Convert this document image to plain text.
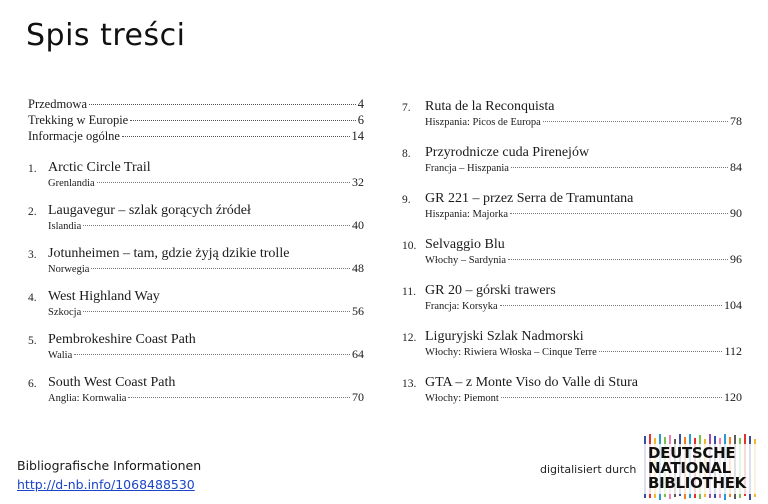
Spis treści
Przedmowa	4
Trekking w Europie	6
Informacje ogólne	14
1. Arctic Circle Trail
Grenlandia	32
2. Laugavegur – szlak gorących źródeł
Islandia	40
3. Jotunheimen – tam, gdzie żyją dzikie trolle
Norwegia	48
4. West Highland Way
Szkocja	56
5. Pembrokeshire Coast Path
Walia	64
6. South West Coast Path
Anglia: Kornwalia	70
7.	Ruta de la Reconquista
Hiszpania: Picos de Europa	78
8.	Przyrodnicze cuda Pirenejów
Francja – Hiszpania	84
9.	GR 221 – przez Serra de Tramuntana
Hiszpania: Majorka	90
10. Selvaggio Blu
Włochy – Sardynia	96
11. GR 20 – górski trawers
Francja: Korsyka	104
12. Liguryjski Szlak Nadmorski
Włochy: Riwiera Włoska – Cinque Terre	112
13. GTA – z Monte Viso do Valle di Stura
Włochy: Piemont	120
Bibliografische Informationen
http://d-nb.info/1068488530
digitalisiert durch
DEUTSCHE
NATIONAL
BIBLIOTHEK
